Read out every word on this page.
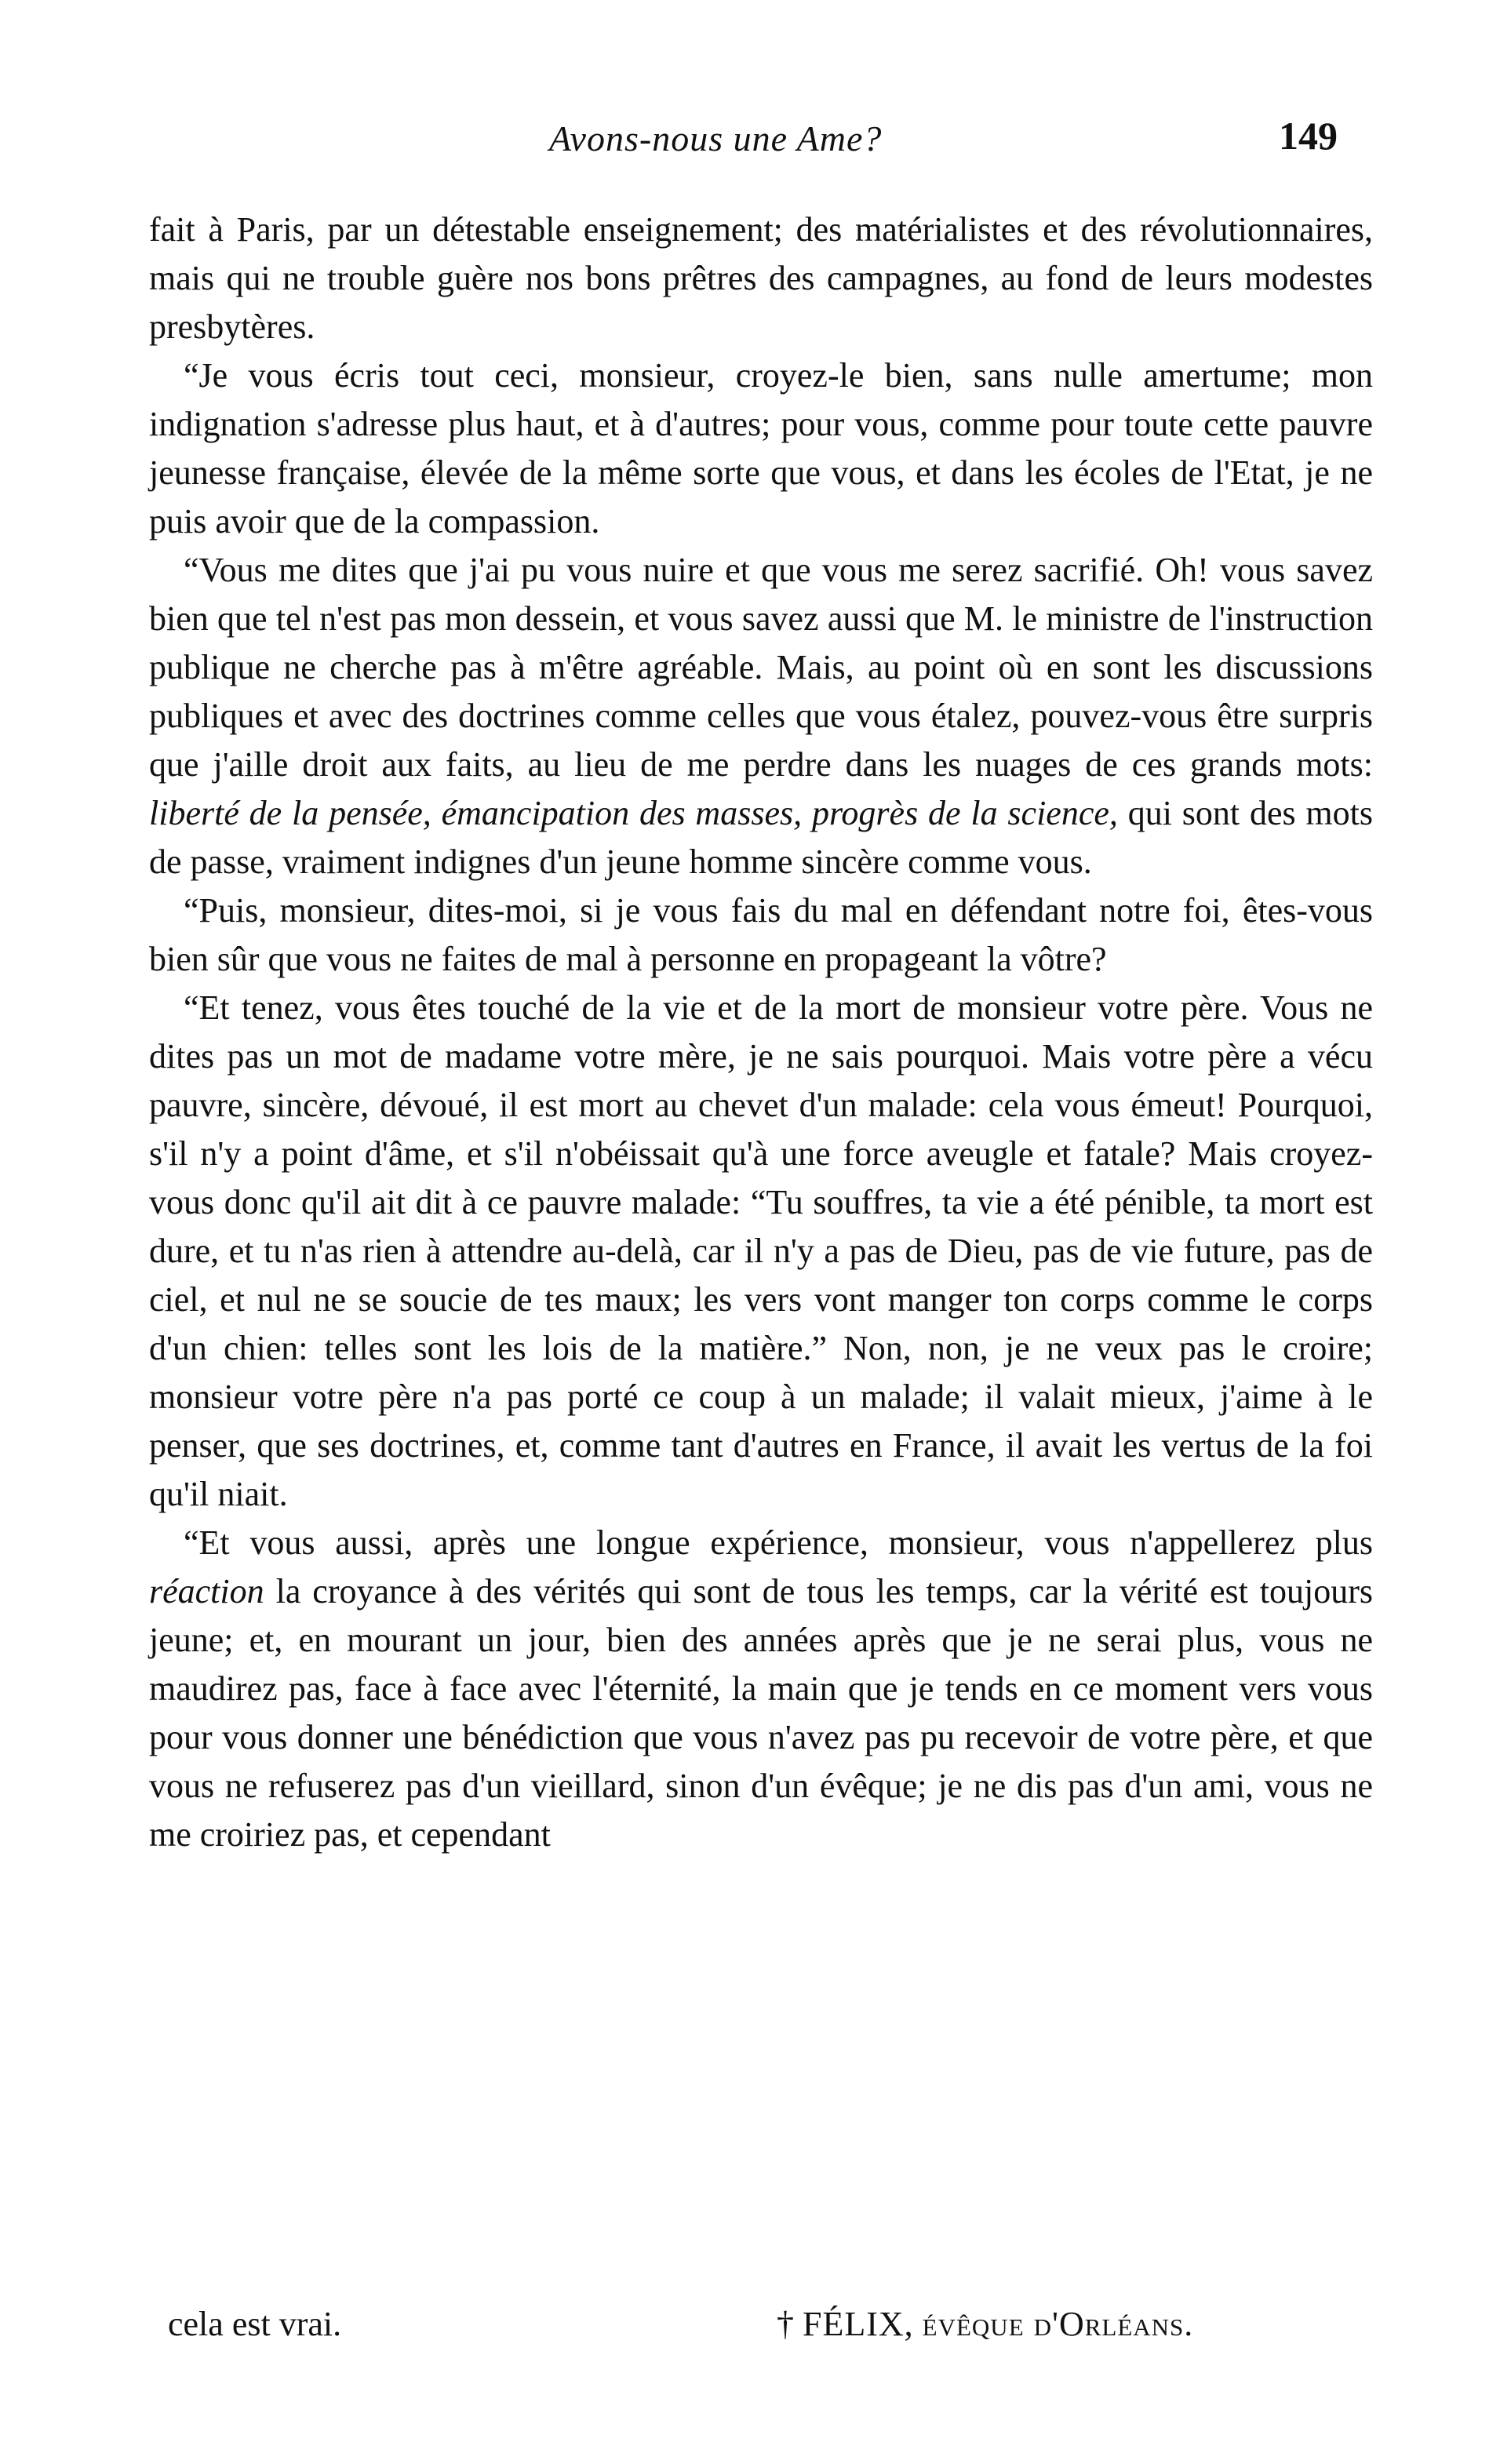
Avons-nous une Ame?	149

fait à Paris, par un détestable enseignement; des matérialistes et des révolutionnaires, mais qui ne trouble guère nos bons prêtres des campagnes, au fond de leurs modestes presbytères.

“Je vous écris tout ceci, monsieur, croyez-le bien, sans nulle amertume; mon indignation s'adresse plus haut, et à d'autres; pour vous, comme pour toute cette pauvre jeunesse française, élevée de la même sorte que vous, et dans les écoles de l'Etat, je ne puis avoir que de la compassion.

“Vous me dites que j'ai pu vous nuire et que vous me serez sacrifié. Oh! vous savez bien que tel n'est pas mon dessein, et vous savez aussi que M. le ministre de l'instruction publique ne cherche pas à m'être agréable. Mais, au point où en sont les discussions publiques et avec des doctrines comme celles que vous étalez, pouvez-vous être surpris que j'aille droit aux faits, au lieu de me perdre dans les nuages de ces grands mots: liberté de la pensée, émancipation des masses, progrès de la science, qui sont des mots de passe, vraiment indignes d'un jeune homme sincère comme vous.

“Puis, monsieur, dites-moi, si je vous fais du mal en défendant notre foi, êtes-vous bien sûr que vous ne faites de mal à personne en propageant la vôtre?

“Et tenez, vous êtes touché de la vie et de la mort de monsieur votre père. Vous ne dites pas un mot de madame votre mère, je ne sais pourquoi. Mais votre père a vécu pauvre, sincère, dévoué, il est mort au chevet d'un malade: cela vous émeut! Pourquoi, s'il n'y a point d'âme, et s'il n'obéissait qu'à une force aveugle et fatale? Mais croyez-vous donc qu'il ait dit à ce pauvre malade: “Tu souffres, ta vie a été pénible, ta mort est dure, et tu n'as rien à attendre au-delà, car il n'y a pas de Dieu, pas de vie future, pas de ciel, et nul ne se soucie de tes maux; les vers vont manger ton corps comme le corps d'un chien: telles sont les lois de la matière.” Non, non, je ne veux pas le croire; monsieur votre père n'a pas porté ce coup à un malade; il valait mieux, j'aime à le penser, que ses doctrines, et, comme tant d'autres en France, il avait les vertus de la foi qu'il niait.

“Et vous aussi, après une longue expérience, monsieur, vous n'appellerez plus réaction la croyance à des vérités qui sont de tous les temps, car la vérité est toujours jeune; et, en mourant un jour, bien des années après que je ne serai plus, vous ne maudirez pas, face à face avec l'éternité, la main que je tends en ce moment vers vous pour vous donner une bénédiction que vous n'avez pas pu recevoir de votre père, et que vous ne refuserez pas d'un vieillard, sinon d'un évêque; je ne dis pas d'un ami, vous ne me croiriez pas, et cependant

cela est vrai.	† FÉLIX, évêque d'Orléans.
